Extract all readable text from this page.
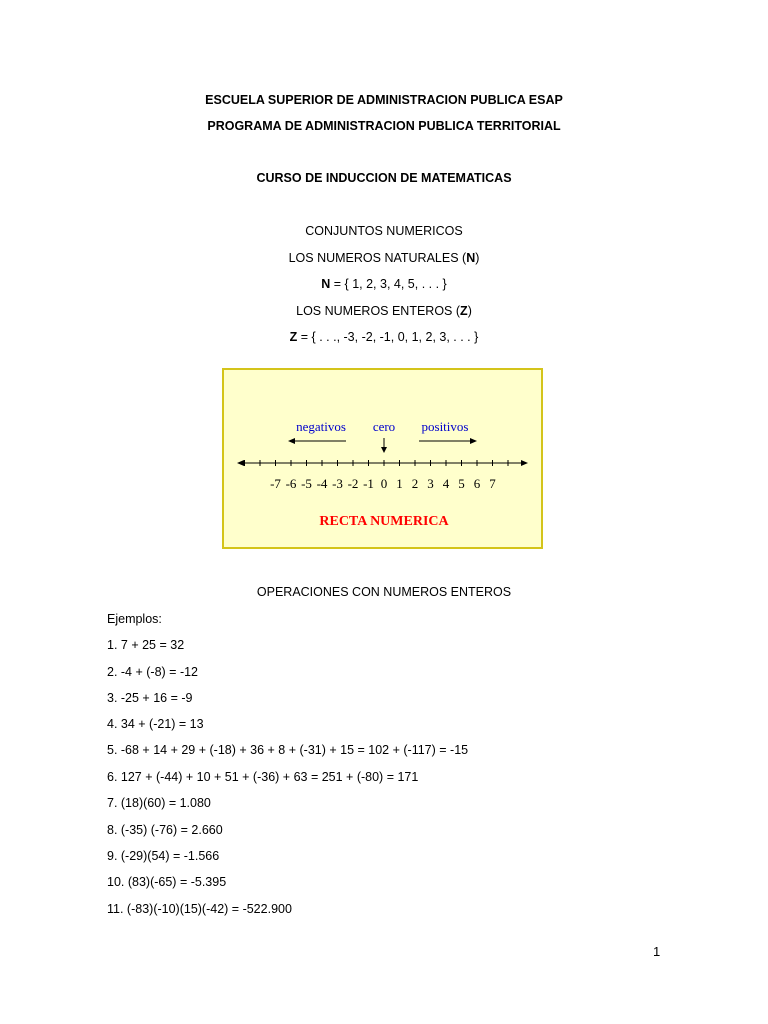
ESCUELA SUPERIOR DE ADMINISTRACION PUBLICA ESAP
PROGRAMA DE ADMINISTRACION PUBLICA TERRITORIAL
CURSO DE INDUCCION DE MATEMATICAS
CONJUNTOS NUMERICOS
LOS NUMEROS NATURALES (N)
N = { 1, 2, 3, 4, 5, . . . }
LOS NUMEROS ENTEROS (Z)
Z = { . . ., -3, -2, -1, 0, 1, 2, 3, . . . }
negativos cero positivos
-7 -6 -5 -4 -3 -2 -1 0 1 2 3 4 5 6 7
RECTA NUMERICA
OPERACIONES CON NUMEROS ENTEROS
Ejemplos:
1. 7 + 25 = 32
2. -4 + (-8) = -12
3. -25 + 16 = -9
4. 34 + (-21) = 13
5. -68 + 14 + 29 + (-18) + 36 + 8 + (-31) + 15 = 102 + (-117) = -15
6. 127 + (-44) + 10 + 51 + (-36) + 63 = 251 + (-80) = 171
7. (18)(60) = 1.080
8. (-35) (-76) = 2.660
9. (-29)(54) = -1.566
10. (83)(-65) = -5.395
11. (-83)(-10)(15)(-42) = -522.900
1
